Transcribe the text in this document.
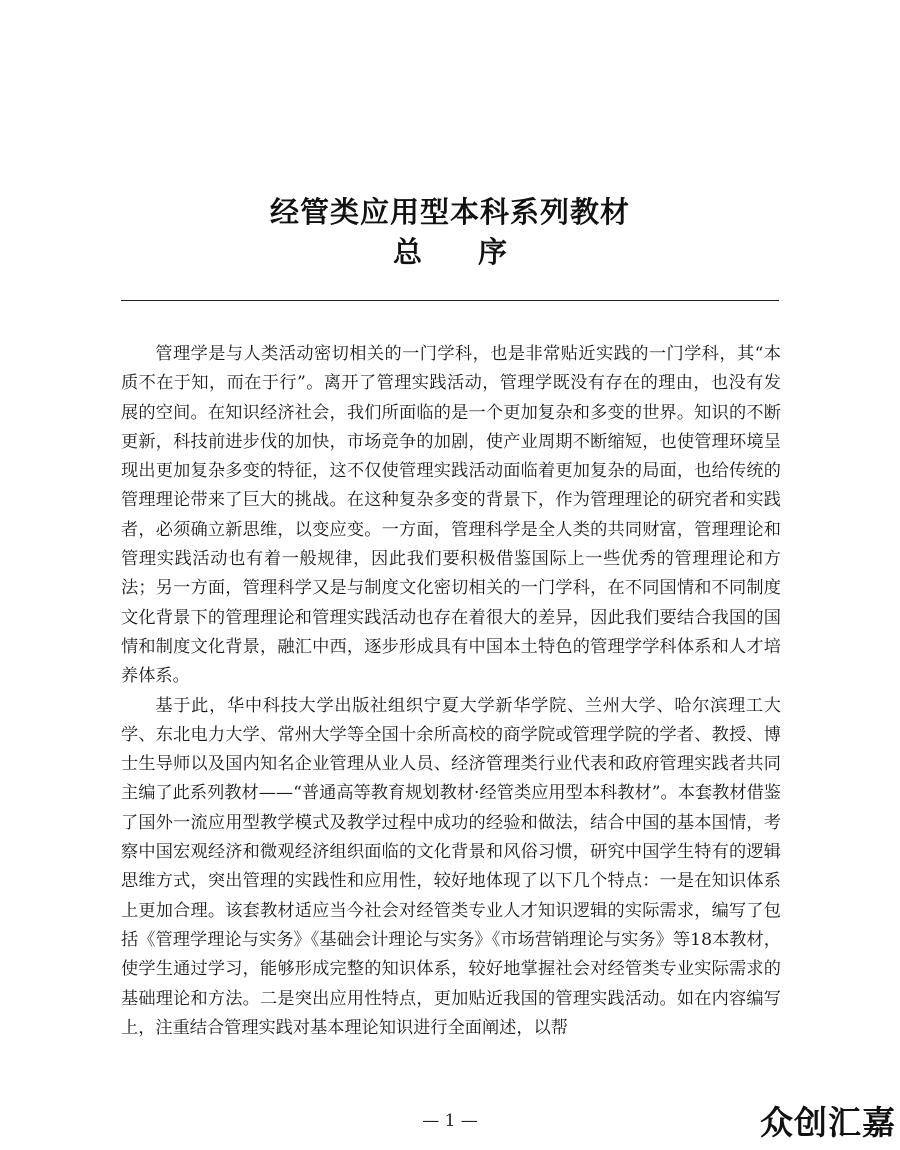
经管类应用型本科系列教材
总序

管理学是与人类活动密切相关的一门学科，也是非常贴近实践的一门学科，其“本质不在于知，而在于行”。离开了管理实践活动，管理学既没有存在的理由，也没有发展的空间。在知识经济社会，我们所面临的是一个更加复杂和多变的世界。知识的不断更新，科技前进步伐的加快，市场竞争的加剧，使产业周期不断缩短，也使管理环境呈现出更加复杂多变的特征，这不仅使管理实践活动面临着更加复杂的局面，也给传统的管理理论带来了巨大的挑战。在这种复杂多变的背景下，作为管理理论的研究者和实践者，必须确立新思维，以变应变。一方面，管理科学是全人类的共同财富，管理理论和管理实践活动也有着一般规律，因此我们要积极借鉴国际上一些优秀的管理理论和方法；另一方面，管理科学又是与制度文化密切相关的一门学科，在不同国情和不同制度文化背景下的管理理论和管理实践活动也存在着很大的差异，因此我们要结合我国的国情和制度文化背景，融汇中西，逐步形成具有中国本土特色的管理学学科体系和人才培养体系。

基于此，华中科技大学出版社组织宁夏大学新华学院、兰州大学、哈尔滨理工大学、东北电力大学、常州大学等全国十余所高校的商学院或管理学院的学者、教授、博士生导师以及国内知名企业管理从业人员、经济管理类行业代表和政府管理实践者共同主编了此系列教材——“普通高等教育规划教材·经管类应用型本科教材”。本套教材借鉴了国外一流应用型教学模式及教学过程中成功的经验和做法，结合中国的基本国情，考察中国宏观经济和微观经济组织面临的文化背景和风俗习惯，研究中国学生特有的逻辑思维方式，突出管理的实践性和应用性，较好地体现了以下几个特点：一是在知识体系上更加合理。该套教材适应当今社会对经管类专业人才知识逻辑的实际需求，编写了包括《管理学理论与实务》《基础会计理论与实务》《市场营销理论与实务》等18本教材，使学生通过学习，能够形成完整的知识体系，较好地掌握社会对经管类专业实际需求的基础理论和方法。二是突出应用性特点，更加贴近我国的管理实践活动。如在内容编写上，注重结合管理实践对基本理论知识进行全面阐述，以帮

— 1 —	众创汇嘉
